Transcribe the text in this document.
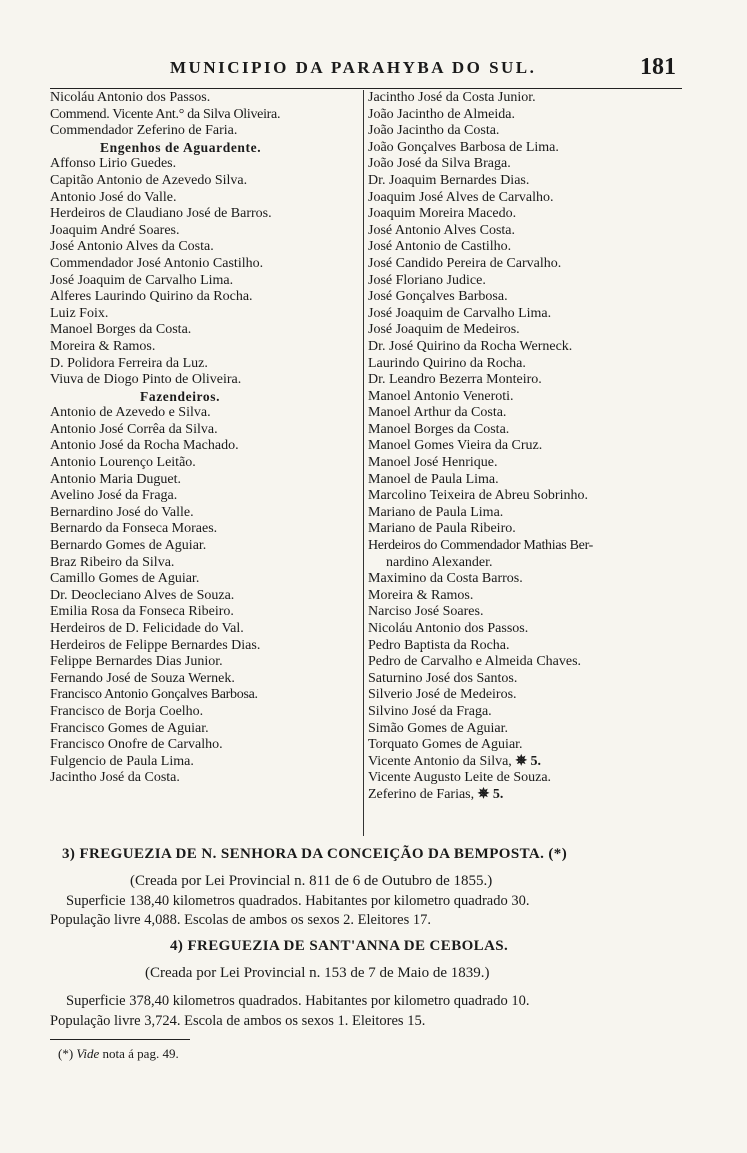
MUNICIPIO DA PARAHYBA DO SUL.	181
Nicoláu Antonio dos Passos.
Commend. Vicente Ant.° da Silva Oliveira.
Commendador Zeferino de Faria.
Engenhos de Aguardente.
Affonso Lirio Guedes.
Capitão Antonio de Azevedo Silva.
Antonio José do Valle.
Herdeiros de Claudiano José de Barros.
Joaquim André Soares.
José Antonio Alves da Costa.
Commendador José Antonio Castilho.
José Joaquim de Carvalho Lima.
Alferes Laurindo Quirino da Rocha.
Luiz Foix.
Manoel Borges da Costa.
Moreira & Ramos.
D. Polidora Ferreira da Luz.
Viuva de Diogo Pinto de Oliveira.
Fazendeiros.
Antonio de Azevedo e Silva.
Antonio José Corrêa da Silva.
Antonio José da Rocha Machado.
Antonio Lourenço Leitão.
Antonio Maria Duguet.
Avelino José da Fraga.
Bernardino José do Valle.
Bernardo da Fonseca Moraes.
Bernardo Gomes de Aguiar.
Braz Ribeiro da Silva.
Camillo Gomes de Aguiar.
Dr. Deocleciano Alves de Souza.
Emilia Rosa da Fonseca Ribeiro.
Herdeiros de D. Felicidade do Val.
Herdeiros de Felippe Bernardes Dias.
Felippe Bernardes Dias Junior.
Fernando José de Souza Wernek.
Francisco Antonio Gonçalves Barbosa.
Francisco de Borja Coelho.
Francisco Gomes de Aguiar.
Francisco Onofre de Carvalho.
Fulgencio de Paula Lima.
Jacintho José da Costa.
Jacintho José da Costa Junior.
João Jacintho de Almeida.
João Jacintho da Costa.
João Gonçalves Barbosa de Lima.
João José da Silva Braga.
Dr. Joaquim Bernardes Dias.
Joaquim José Alves de Carvalho.
Joaquim Moreira Macedo.
José Antonio Alves Costa.
José Antonio de Castilho.
José Candido Pereira de Carvalho.
José Floriano Judice.
José Gonçalves Barbosa.
José Joaquim de Carvalho Lima.
José Joaquim de Medeiros.
Dr. José Quirino da Rocha Werneck.
Laurindo Quirino da Rocha.
Dr. Leandro Bezerra Monteiro.
Manoel Antonio Veneroti.
Manoel Arthur da Costa.
Manoel Borges da Costa.
Manoel Gomes Vieira da Cruz.
Manoel José Henrique.
Manoel de Paula Lima.
Marcolino Teixeira de Abreu Sobrinho.
Mariano de Paula Lima.
Mariano de Paula Ribeiro.
Herdeiros do Commendador Mathias Ber-
nardino Alexander.
Maximino da Costa Barros.
Moreira & Ramos.
Narciso José Soares.
Nicoláu Antonio dos Passos.
Pedro Baptista da Rocha.
Pedro de Carvalho e Almeida Chaves.
Saturnino José dos Santos.
Silverio José de Medeiros.
Silvino José da Fraga.
Simão Gomes de Aguiar.
Torquato Gomes de Aguiar.
Vicente Antonio da Silva, ✵ 5.
Vicente Augusto Leite de Souza.
Zeferino de Farias, ✵ 5.
3) FREGUEZIA DE N. SENHORA DA CONCEIÇÃO DA BEMPOSTA. (*)
(Creada por Lei Provincial n. 811 de 6 de Outubro de 1855.)
Superficie 138,40 kilometros quadrados. Habitantes por kilometro quadrado 30.
População livre 4,088. Escolas de ambos os sexos 2. Eleitores 17.
4) FREGUEZIA DE SANT'ANNA DE CEBOLAS.
(Creada por Lei Provincial n. 153 de 7 de Maio de 1839.)
Superficie 378,40 kilometros quadrados. Habitantes por kilometro quadrado 10.
População livre 3,724. Escola de ambos os sexos 1. Eleitores 15.
(*) Vide nota á pag. 49.
